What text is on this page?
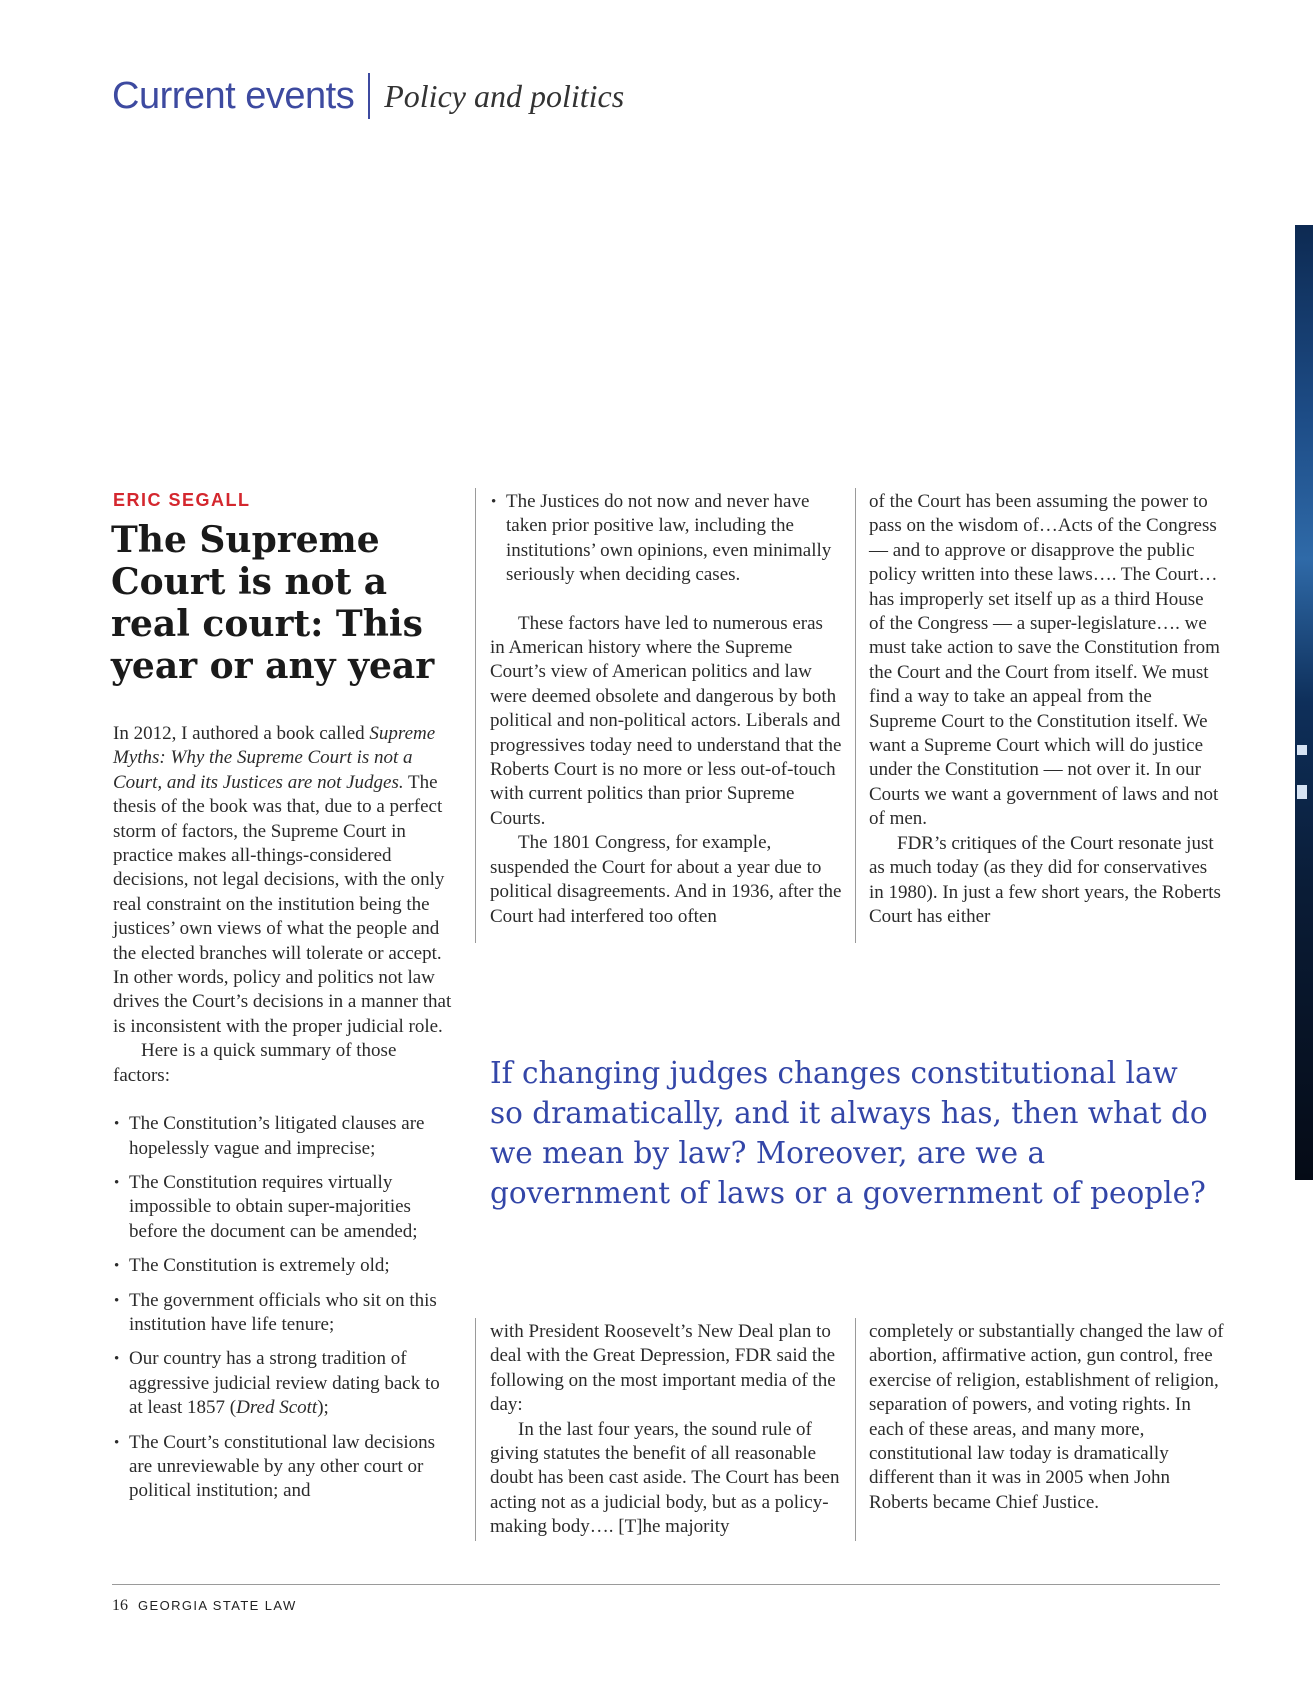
Current events Policy and politics
ERIC SEGALL
The Supreme Court is not a real court: This year or any year

In 2012, I authored a book called Supreme Myths: Why the Supreme Court is not a Court, and its Justices are not Judges. The thesis of the book was that, due to a perfect storm of factors, the Supreme Court in practice makes all-things-considered decisions, not legal decisions, with the only real constraint on the institution being the justices’ own views of what the people and the elected branches will tolerate or accept. In other words, policy and politics not law drives the Court’s decisions in a manner that is inconsistent with the proper judicial role.

Here is a quick summary of those factors:

• The Constitution’s litigated clauses are hopelessly vague and imprecise;
• The Constitution requires virtually impossible to obtain super-majorities before the document can be amended;
• The Constitution is extremely old;
• The government officials who sit on this institution have life tenure;
• Our country has a strong tradition of aggressive judicial review dating back to at least 1857 (Dred Scott);
• The Court’s constitutional law decisions are unreviewable by any other court or political institution; and
• The Justices do not now and never have taken prior positive law, including the institutions’ own opinions, even minimally seriously when deciding cases.

These factors have led to numerous eras in American history where the Supreme Court’s view of American politics and law were deemed obsolete and dangerous by both political and non-political actors. Liberals and progressives today need to understand that the Roberts Court is no more or less out-of-touch with current politics than prior Supreme Courts.

The 1801 Congress, for example, suspended the Court for about a year due to political disagreements. And in 1936, after the Court had interfered too often

of the Court has been assuming the power to pass on the wisdom of…Acts of the Congress — and to approve or disapprove the public policy written into these laws…. The Court…has improperly set itself up as a third House of the Congress — a super-legislature…. we must take action to save the Constitution from the Court and the Court from itself. We must find a way to take an appeal from the Supreme Court to the Constitution itself. We want a Supreme Court which will do justice under the Constitution — not over it. In our Courts we want a government of laws and not of men.

FDR’s critiques of the Court resonate just as much today (as they did for conservatives in 1980). In just a few short years, the Roberts Court has either

If changing judges changes constitutional law so dramatically, and it always has, then what do we mean by law? Moreover, are we a government of laws or a government of people?

with President Roosevelt’s New Deal plan to deal with the Great Depression, FDR said the following on the most important media of the day:

In the last four years, the sound rule of giving statutes the benefit of all reasonable doubt has been cast aside. The Court has been acting not as a judicial body, but as a policy-making body…. [T]he majority

completely or substantially changed the law of abortion, affirmative action, gun control, free exercise of religion, establishment of religion, separation of powers, and voting rights. In each of these areas, and many more, constitutional law today is dramatically different than it was in 2005 when John Roberts became Chief Justice.

16 GEORGIA STATE LAW
